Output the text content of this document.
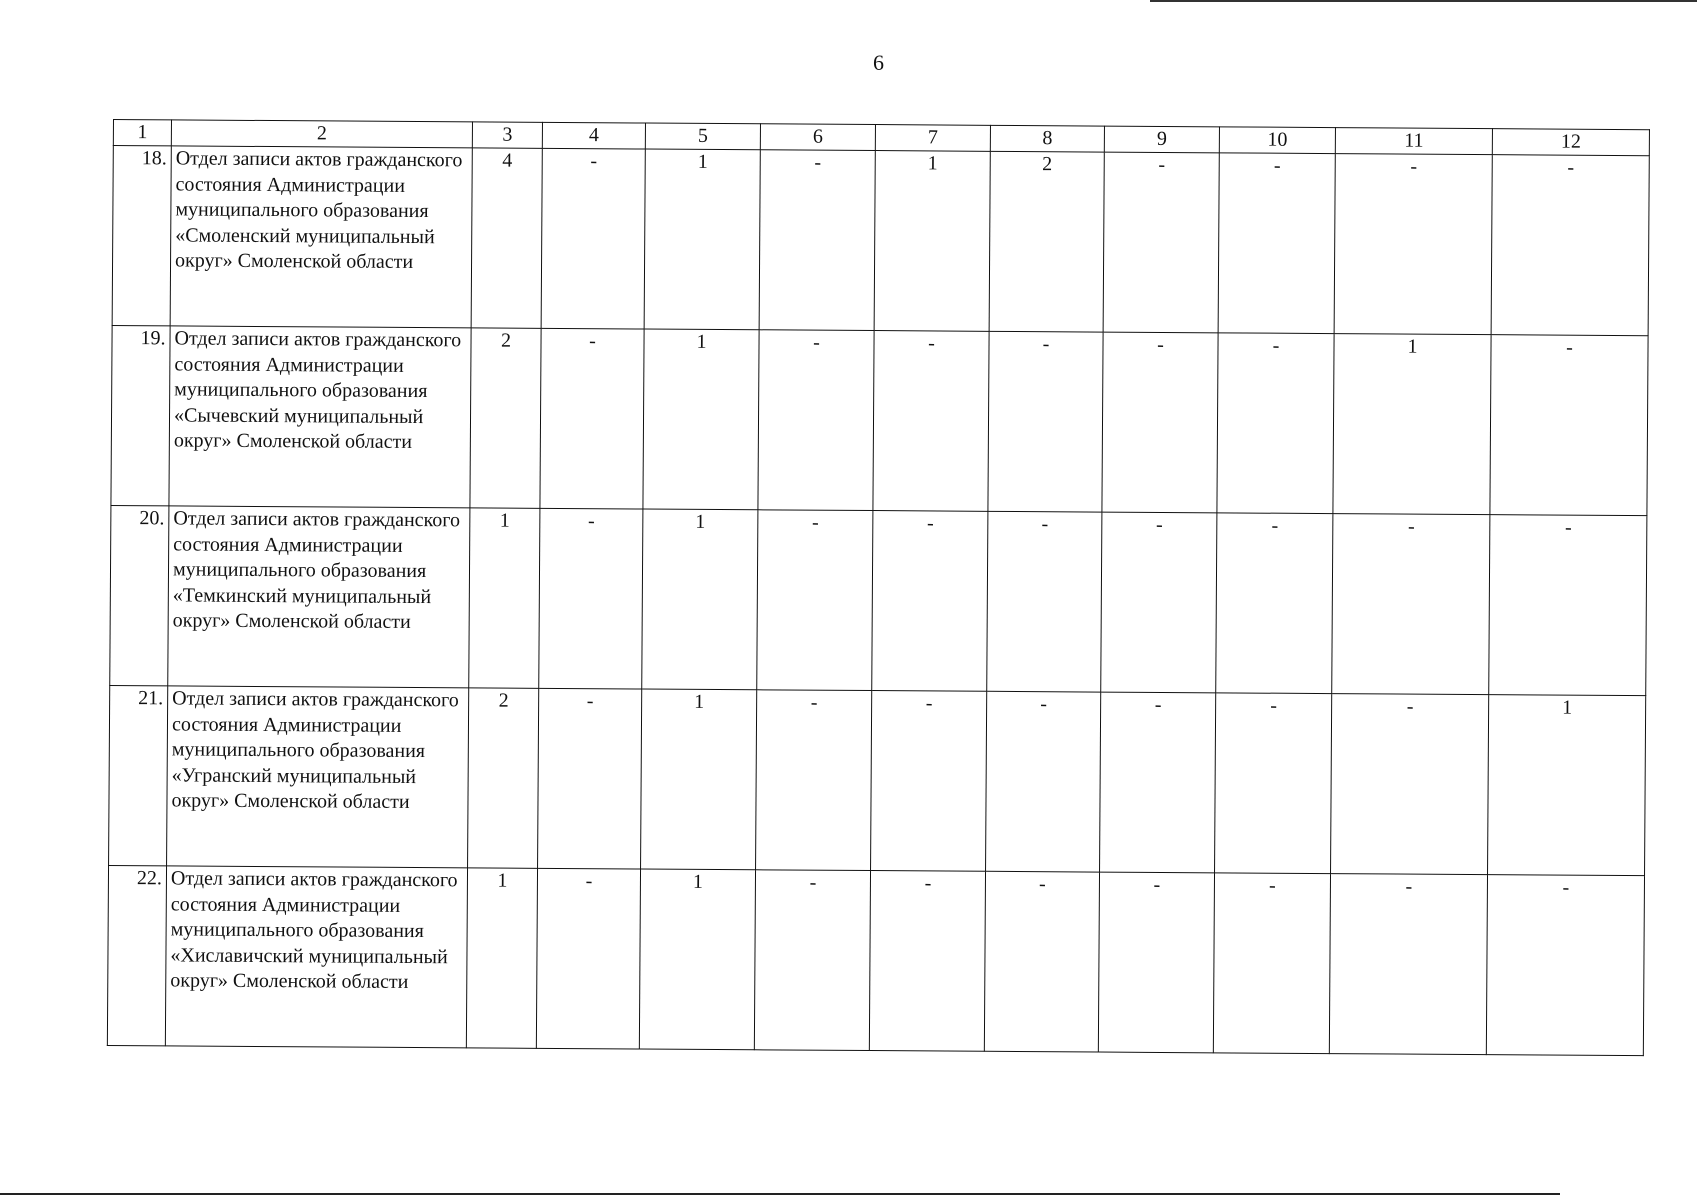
6
1	2	3	4	5	6	7	8	9	10	11	12
18.	Отдел записи актов гражданского состояния Администрации муниципального образования «Смоленский муниципальный округ» Смоленской области	4	-	1	-	1	2	-	-	-	-
19.	Отдел записи актов гражданского состояния Администрации муниципального образования «Сычевский муниципальный округ» Смоленской области	2	-	1	-	-	-	-	-	1	-
20.	Отдел записи актов гражданского состояния Администрации муниципального образования «Темкинский муниципальный округ» Смоленской области	1	-	1	-	-	-	-	-	-	-
21.	Отдел записи актов гражданского состояния Администрации муниципального образования «Угранский муниципальный округ» Смоленской области	2	-	1	-	-	-	-	-	-	1
22.	Отдел записи актов гражданского состояния Администрации муниципального образования «Хиславичский муниципальный округ» Смоленской области	1	-	1	-	-	-	-	-	-	-
